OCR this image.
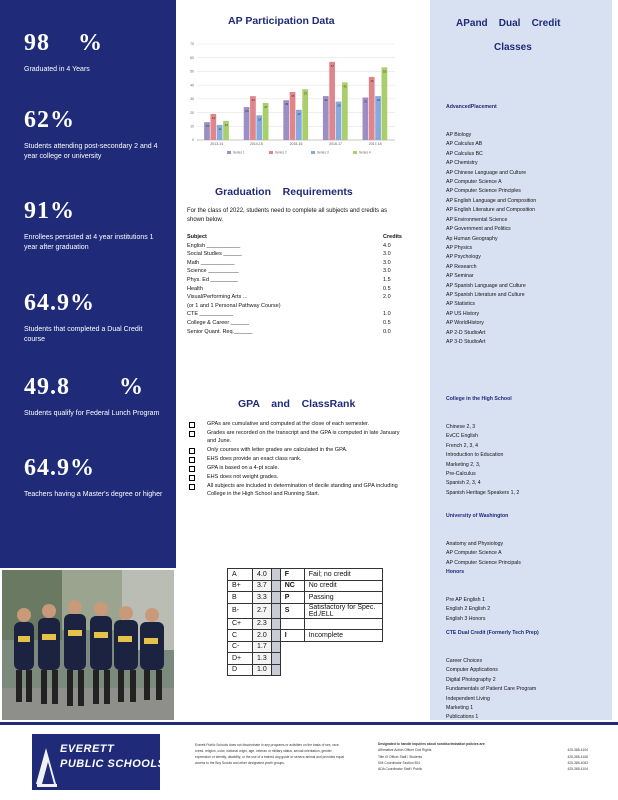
98    %
Graduated in 4 Years
62%
Students attending post-secondary 2 and 4 year college or university
91%
Enrollees persisted at 4 year institutions 1 year after graduation
64.9%
Students that completed a Dual Credit course
49.8       %
Students qualify for Federal Lunch Program
64.9%
Teachers having a Master's degree or higher
AP Participation Data
0
10
20
30
40
50
60
70
13
19
11
14
2013-14
24
32
18
27
2014-15
29
35
22
37
2015-16
32
57
28
42
2016-17
31
46
32
53
2017-18
Series 1	Series 2	Series 3	Series 4
Graduation    Requirements
For the class of 2022, students need to complete all subjects and credits as shown below.
Subject	Credits
English ___________	4.0
Social Studies ______	3.0
Math ___________	3.0
Science __________	3.0
Phys. Ed _________	1.5
Health	0.5
Visual/Performing Arts ...	2.0
(or 1 and 1 Personal Pathway Course)	
CTE ___________	1.0
College & Career ______	0.5
Senior Quant. Req.______	0.0
GPA    and    ClassRank
GPAs are cumulative and computed at the close of each semester.
Grades are recorded on the transcript and the GPA is computed in late January and June.
Only courses with letter grades are calculated in the GPA.
EHS does provide an exact class rank.
GPA is based on a 4-pt scale.
EHS does not weight grades.
All subjects are included in determination of decile standing and GPA including College in the High School and Running Start.
A	4.0		F	Fail; no credit
B+	3.7		NC	No credit
B	3.3		P	Passing
B-	2.7		S	Satisfactory for Spec. Ed./ELL
C+	2.3			
C	2.0		I	Incomplete
C-	1.7			
D+	1.3			
D	1.0			
APand    Dual    Credit
Classes

AdvancedPlacement

AP Biology
AP Calculus AB
AP Calculus BC
AP Chemistry
AP Chinese Language and Culture
AP Computer Science A
AP Computer Science Principles
AP English Language and Composition
AP English Literature and Composition
AP Environmental Science
AP Government and Politics
Ap Human Geography
AP Physics
AP Psychology
AP Research
AP Seminar
AP Spanish Language and Culture
AP Spanish Literature and Culture
AP Statistics
AP US History
AP WorldHistory
AP 2-D StudioArt
AP 3-D StudioArt

College in the High School

Chinese 2, 3
EvCC English
French 2, 3, 4
Introduction to Education
Marketing 2, 3,
Pre-Calculus
Spanish 2, 3, 4
Spanish Heritage Speakers 1, 2

University of Washington

Anatomy and Physiology
AP Computer Science A
AP Computer Science Principals

Honors

Pre AP English 1
English 2 English 2
English 3 Honors

CTE Dual Credit (Formerly Tech Prep)

Career Choices
Computer Applications
Digital Photography 2
Fundamentals of Patient Care Program
Independent Living
Marketing 1
Publications 1

EVERETT
PUBLIC SCHOOLS
Everett Public Schools does not discriminate in any programs or activities on the basis of sex, race, creed, religion, color, national origin, age, veteran or military status, sexual orientation, gender expression or identity, disability, or the use of a trained dog guide or service animal and provides equal access to the Boy Scouts and other designated youth groups.
Designated to handle inquiries about nondiscrimination policies are:
Affirmative Action Officer Civil Rights	425-385-4104
Title IX Officer Staff / Students	425-385-4106
504 Coordinator Section 504	425-385-4063
ADA Coordinator Staff / Public	425-385-4104
